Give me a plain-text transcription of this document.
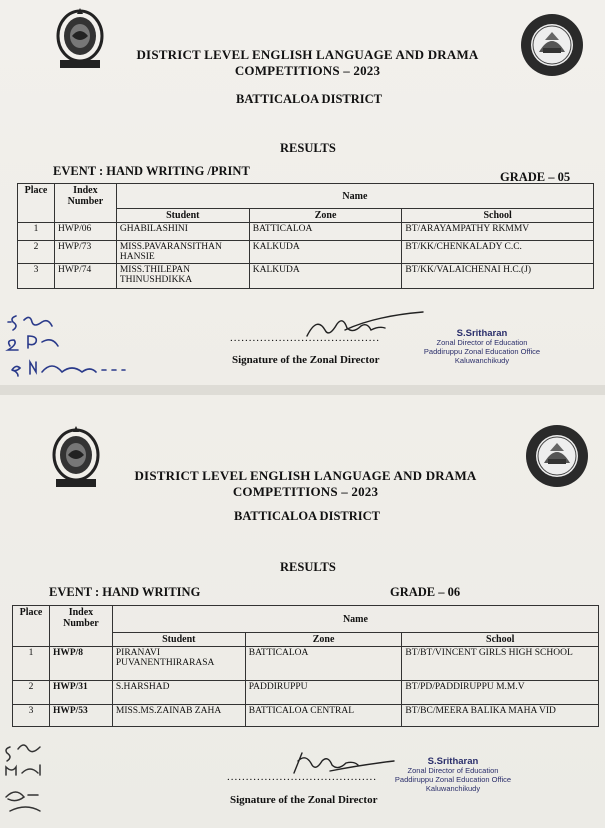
DISTRICT LEVEL ENGLISH LANGUAGE AND DRAMA
COMPETITIONS – 2023
BATTICALOA DISTRICT
RESULTS
EVENT : HAND WRITING /PRINT	GRADE – 05
Place	Index Number	Name		
		Student	Zone	School
1	HWP/06	GHABILASHINI	BATTICALOA	BT/ARAYAMPATHY RKMMV
2	HWP/73	MISS.PAVARANSITHAN HANSIE	KALKUDA	BT/KK/CHENKALADY C.C.
3	HWP/74	MISS.THILEPAN THINUSHDIKKA	KALKUDA	BT/KK/VALAICHENAI H.C.(J)
........................................
Signature of the Zonal Director
S.Sritharan
Zonal Director of Education
Paddiruppu Zonal Education Office
Kaluwanchikudy
DISTRICT LEVEL ENGLISH LANGUAGE AND DRAMA
COMPETITIONS – 2023
BATTICALOA DISTRICT
RESULTS
EVENT : HAND WRITING	GRADE – 06
Place	Index Number	Name		
		Student	Zone	School
1	HWP/8	PIRANAVI PUVANENTHIRARASA	BATTICALOA	BT/BT/VINCENT GIRLS HIGH SCHOOL
2	HWP/31	S.HARSHAD	PADDIRUPPU	BT/PD/PADDIRUPPU M.M.V
3	HWP/53	MISS.MS.ZAINAB ZAHA	BATTICALOA CENTRAL	BT/BC/MEERA BALIKA MAHA VID
........................................
Signature of the Zonal Director
S.Sritharan
Zonal Director of Education
Paddiruppu Zonal Education Office
Kaluwanchikudy
